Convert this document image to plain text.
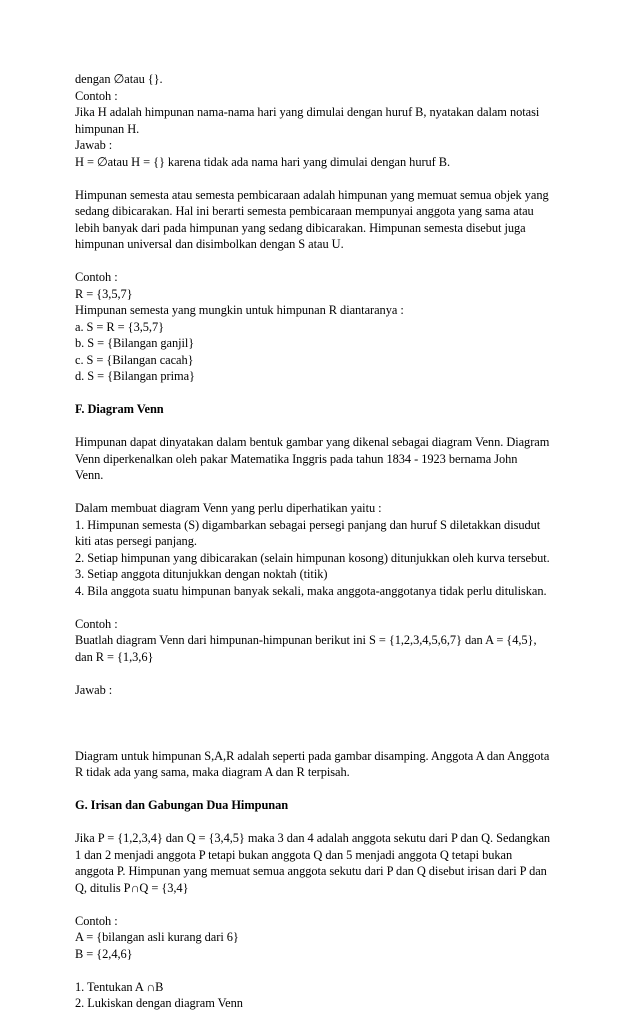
dengan ∅atau {}.
Contoh :
Jika H adalah himpunan nama-nama hari yang dimulai dengan huruf B, nyatakan dalam notasi
himpunan H.
Jawab :
H = ∅atau H = {} karena tidak ada nama hari yang dimulai dengan huruf B.
Himpunan semesta atau semesta pembicaraan adalah himpunan yang memuat semua objek yang
sedang dibicarakan. Hal ini berarti semesta pembicaraan mempunyai anggota yang sama atau
lebih banyak dari pada himpunan yang sedang dibicarakan. Himpunan semesta disebut juga
himpunan universal dan disimbolkan dengan S atau U.
Contoh :
R = {3,5,7}
Himpunan semesta yang mungkin untuk himpunan R diantaranya :
a. S = R = {3,5,7}
b. S = {Bilangan ganjil}
c. S = {Bilangan cacah}
d. S = {Bilangan prima}
F. Diagram Venn
Himpunan dapat dinyatakan dalam bentuk gambar yang dikenal sebagai diagram Venn. Diagram
Venn diperkenalkan oleh pakar Matematika Inggris pada tahun 1834 - 1923 bernama John
Venn.
Dalam membuat diagram Venn yang perlu diperhatikan yaitu :
1. Himpunan semesta (S) digambarkan sebagai persegi panjang dan huruf S diletakkan disudut
kiti atas persegi panjang.
2. Setiap himpunan yang dibicarakan (selain himpunan kosong) ditunjukkan oleh kurva tersebut.
3. Setiap anggota ditunjukkan dengan noktah (titik)
4. Bila anggota suatu himpunan banyak sekali, maka anggota-anggotanya tidak perlu dituliskan.
Contoh :
Buatlah diagram Venn dari himpunan-himpunan berikut ini S = {1,2,3,4,5,6,7} dan A = {4,5},
dan R = {1,3,6}
Jawab :
Diagram untuk himpunan S,A,R adalah seperti pada gambar disamping. Anggota A dan Anggota
R tidak ada yang sama, maka diagram A dan R terpisah.
G. Irisan dan Gabungan Dua Himpunan
Jika P = {1,2,3,4} dan Q = {3,4,5} maka 3 dan 4 adalah anggota sekutu dari P dan Q. Sedangkan
1 dan 2 menjadi anggota P tetapi bukan anggota Q dan 5 menjadi anggota Q tetapi bukan
anggota P. Himpunan yang memuat semua anggota sekutu dari P dan Q disebut irisan dari P dan
Q, ditulis P∩Q = {3,4}
Contoh :
A = {bilangan asli kurang dari 6}
B = {2,4,6}
1. Tentukan A ∩B
2. Lukiskan dengan diagram Venn
